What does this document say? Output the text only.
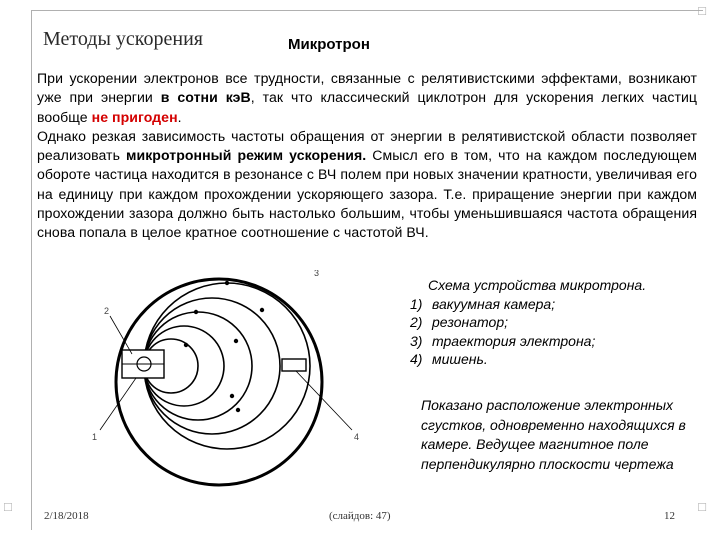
□
□	□
Методы ускорения	Микротрон

При ускорении электронов все трудности, связанные с релятивистскими эффектами, возникают уже при энергии в сотни кэВ, так что классический циклотрон для ускорения легких частиц вообще не пригоден.

Однако резкая зависимость частоты обращения от энергии в релятивистской области позволяет реализовать микротронный режим ускорения. Смысл его в том, что на каждом последующем обороте частица находится в резонансе с ВЧ полем при новых значении кратности, увеличивая его на единицу при каждом прохождении ускоряющего зазора. Т.е. приращение энергии при каждом прохождении зазора должно быть настолько большим, чтобы уменьшившаяся частота обращения снова попала в целое кратное соотношение с частотой ВЧ.

1
2
3
4
Схема устройства микротрона.
1) вакуумная камера;
2) резонатор;
3) траектория электрона;
4) мишень.
Показано расположение электронных сгустков, одновременно находящихся в камере. Ведущее магнитное поле перпендикулярно плоскости чертежа
2/18/2018	(слайдов: 47)	12
